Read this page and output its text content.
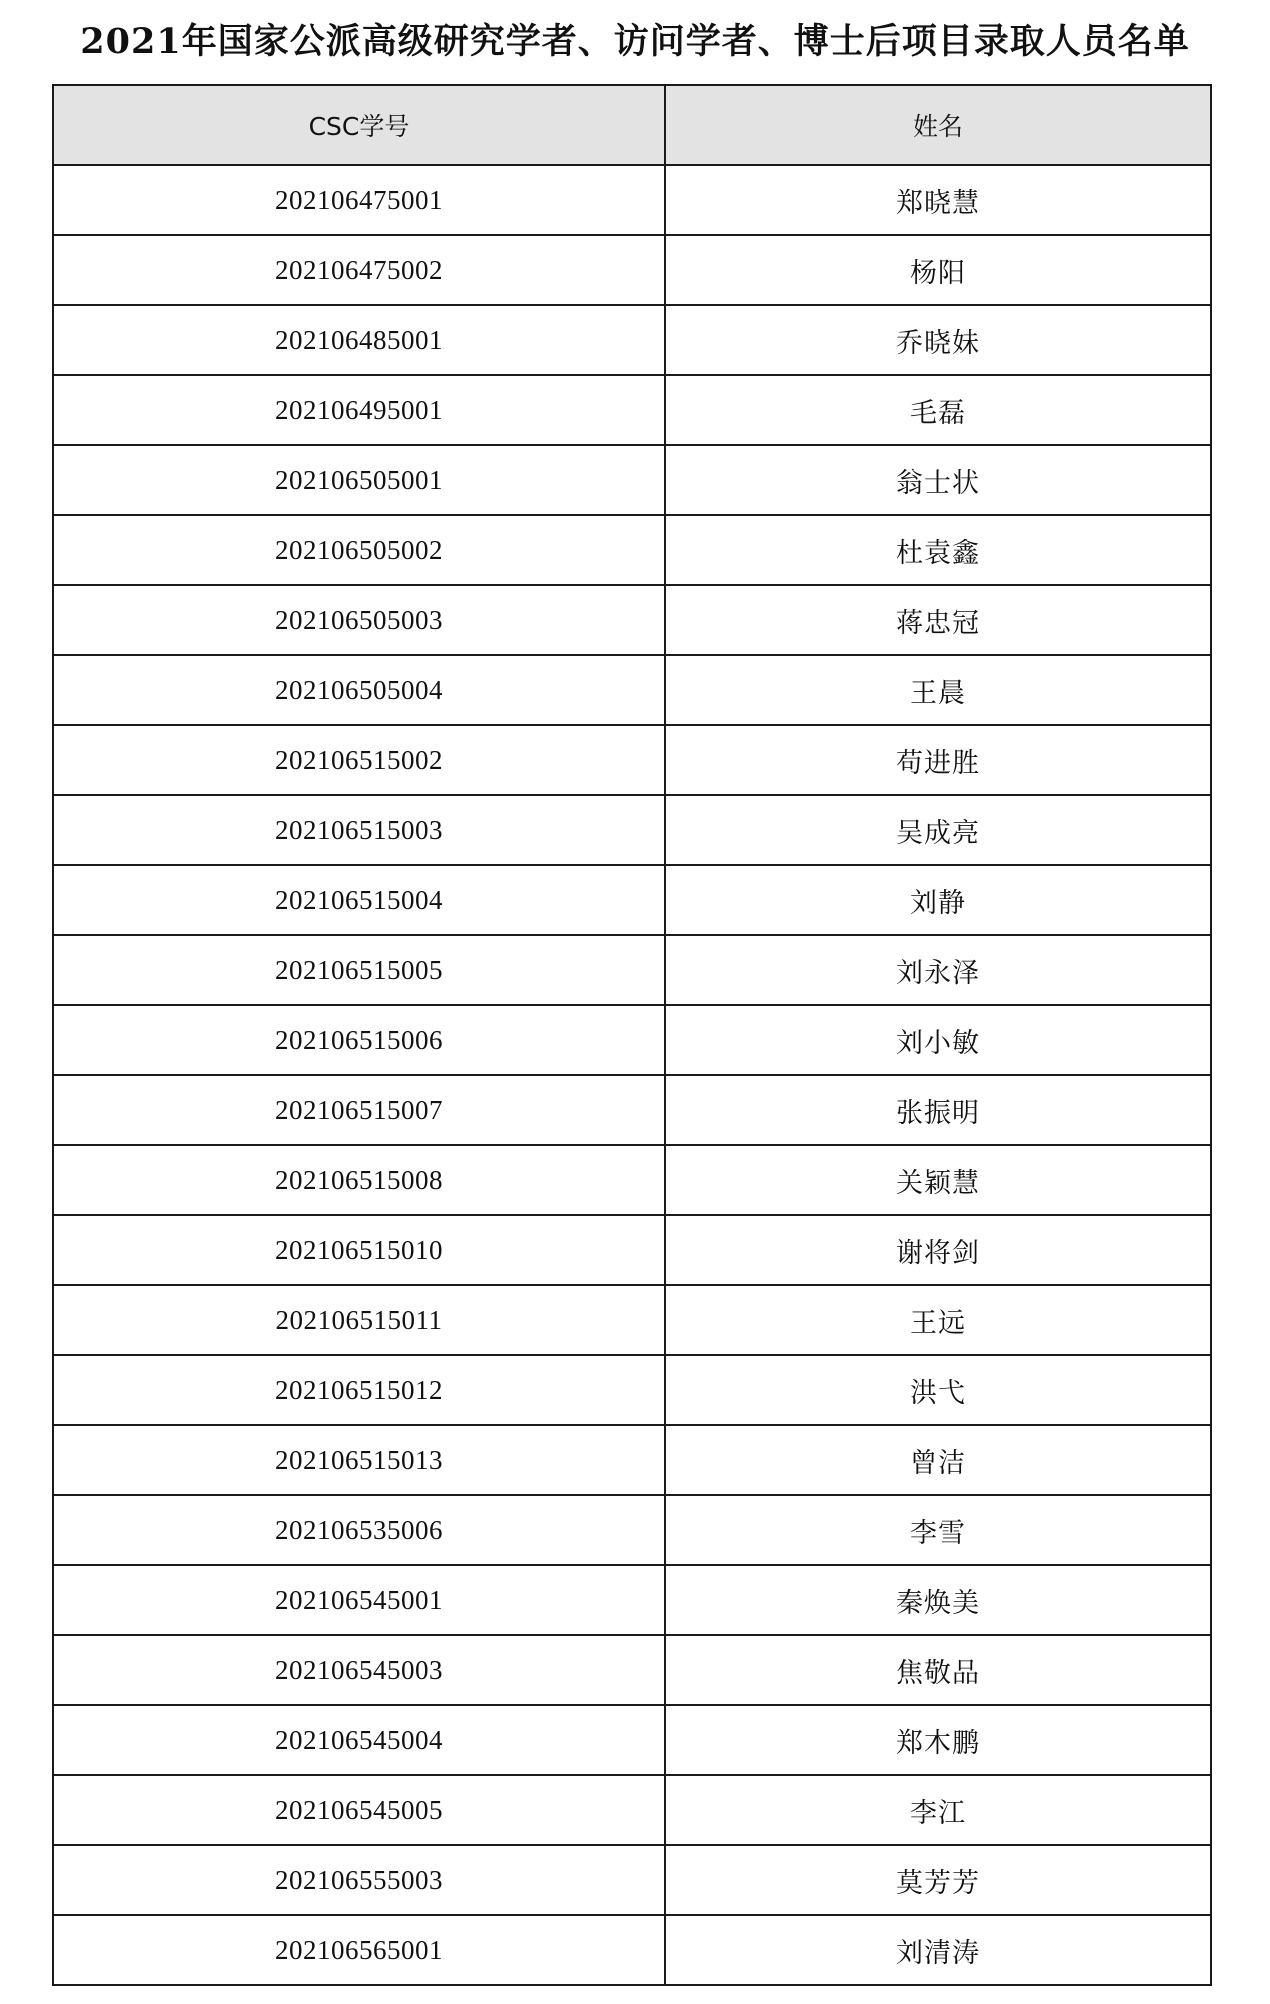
2021年国家公派高级研究学者、访问学者、博士后项目录取人员名单
CSC学号	姓名
202106475001	郑晓慧
202106475002	杨阳
202106485001	乔晓妹
202106495001	毛磊
202106505001	翁士状
202106505002	杜袁鑫
202106505003	蒋忠冠
202106505004	王晨
202106515002	苟进胜
202106515003	吴成亮
202106515004	刘静
202106515005	刘永泽
202106515006	刘小敏
202106515007	张振明
202106515008	关颖慧
202106515010	谢将剑
202106515011	王远
202106515012	洪弋
202106515013	曾洁
202106535006	李雪
202106545001	秦焕美
202106545003	焦敬品
202106545004	郑木鹏
202106545005	李江
202106555003	莫芳芳
202106565001	刘清涛
